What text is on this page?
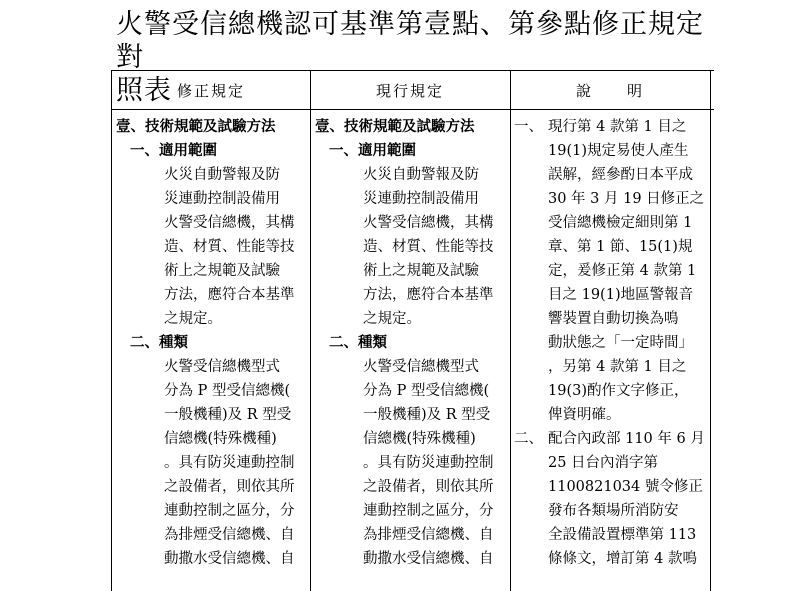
火警受信總機認可基準第壹點、第參點修正規定對
照表 修正規定	現行規定	說　　明
壹、技術規範及試驗方法
一、適用範圍
火災自動警報及防
災連動控制設備用
火警受信總機，其構
造、材質、性能等技
術上之規範及試驗
方法，應符合本基準
之規定。
二、種類
火警受信總機型式
分為 P 型受信總機(
一般機種)及 R 型受
信總機(特殊機種)
。具有防災連動控制
之設備者，則依其所
連動控制之區分，分
為排煙受信總機、自
動撒水受信總機、自
壹、技術規範及試驗方法
一、適用範圍
火災自動警報及防
災連動控制設備用
火警受信總機，其構
造、材質、性能等技
術上之規範及試驗
方法，應符合本基準
之規定。
二、種類
火警受信總機型式
分為 P 型受信總機(
一般機種)及 R 型受
信總機(特殊機種)
。具有防災連動控制
之設備者，則依其所
連動控制之區分，分
為排煙受信總機、自
動撒水受信總機、自
一、 現行第 4 款第 1 目之
19(1)規定易使人產生
誤解，經參酌日本平成
30 年 3 月 19 日修正之
受信總機檢定細則第 1
章、第 1 節、15(1)規
定，爰修正第 4 款第 1
目之 19(1)地區警報音
響裝置自動切換為鳴
動狀態之「一定時間」
，另第 4 款第 1 目之
19(3)酌作文字修正，
俾資明確。
二、 配合內政部 110 年 6 月
25 日台內消字第
1100821034 號令修正
發布各類場所消防安
全設備設置標準第 113
條條文，增訂第 4 款鳴
